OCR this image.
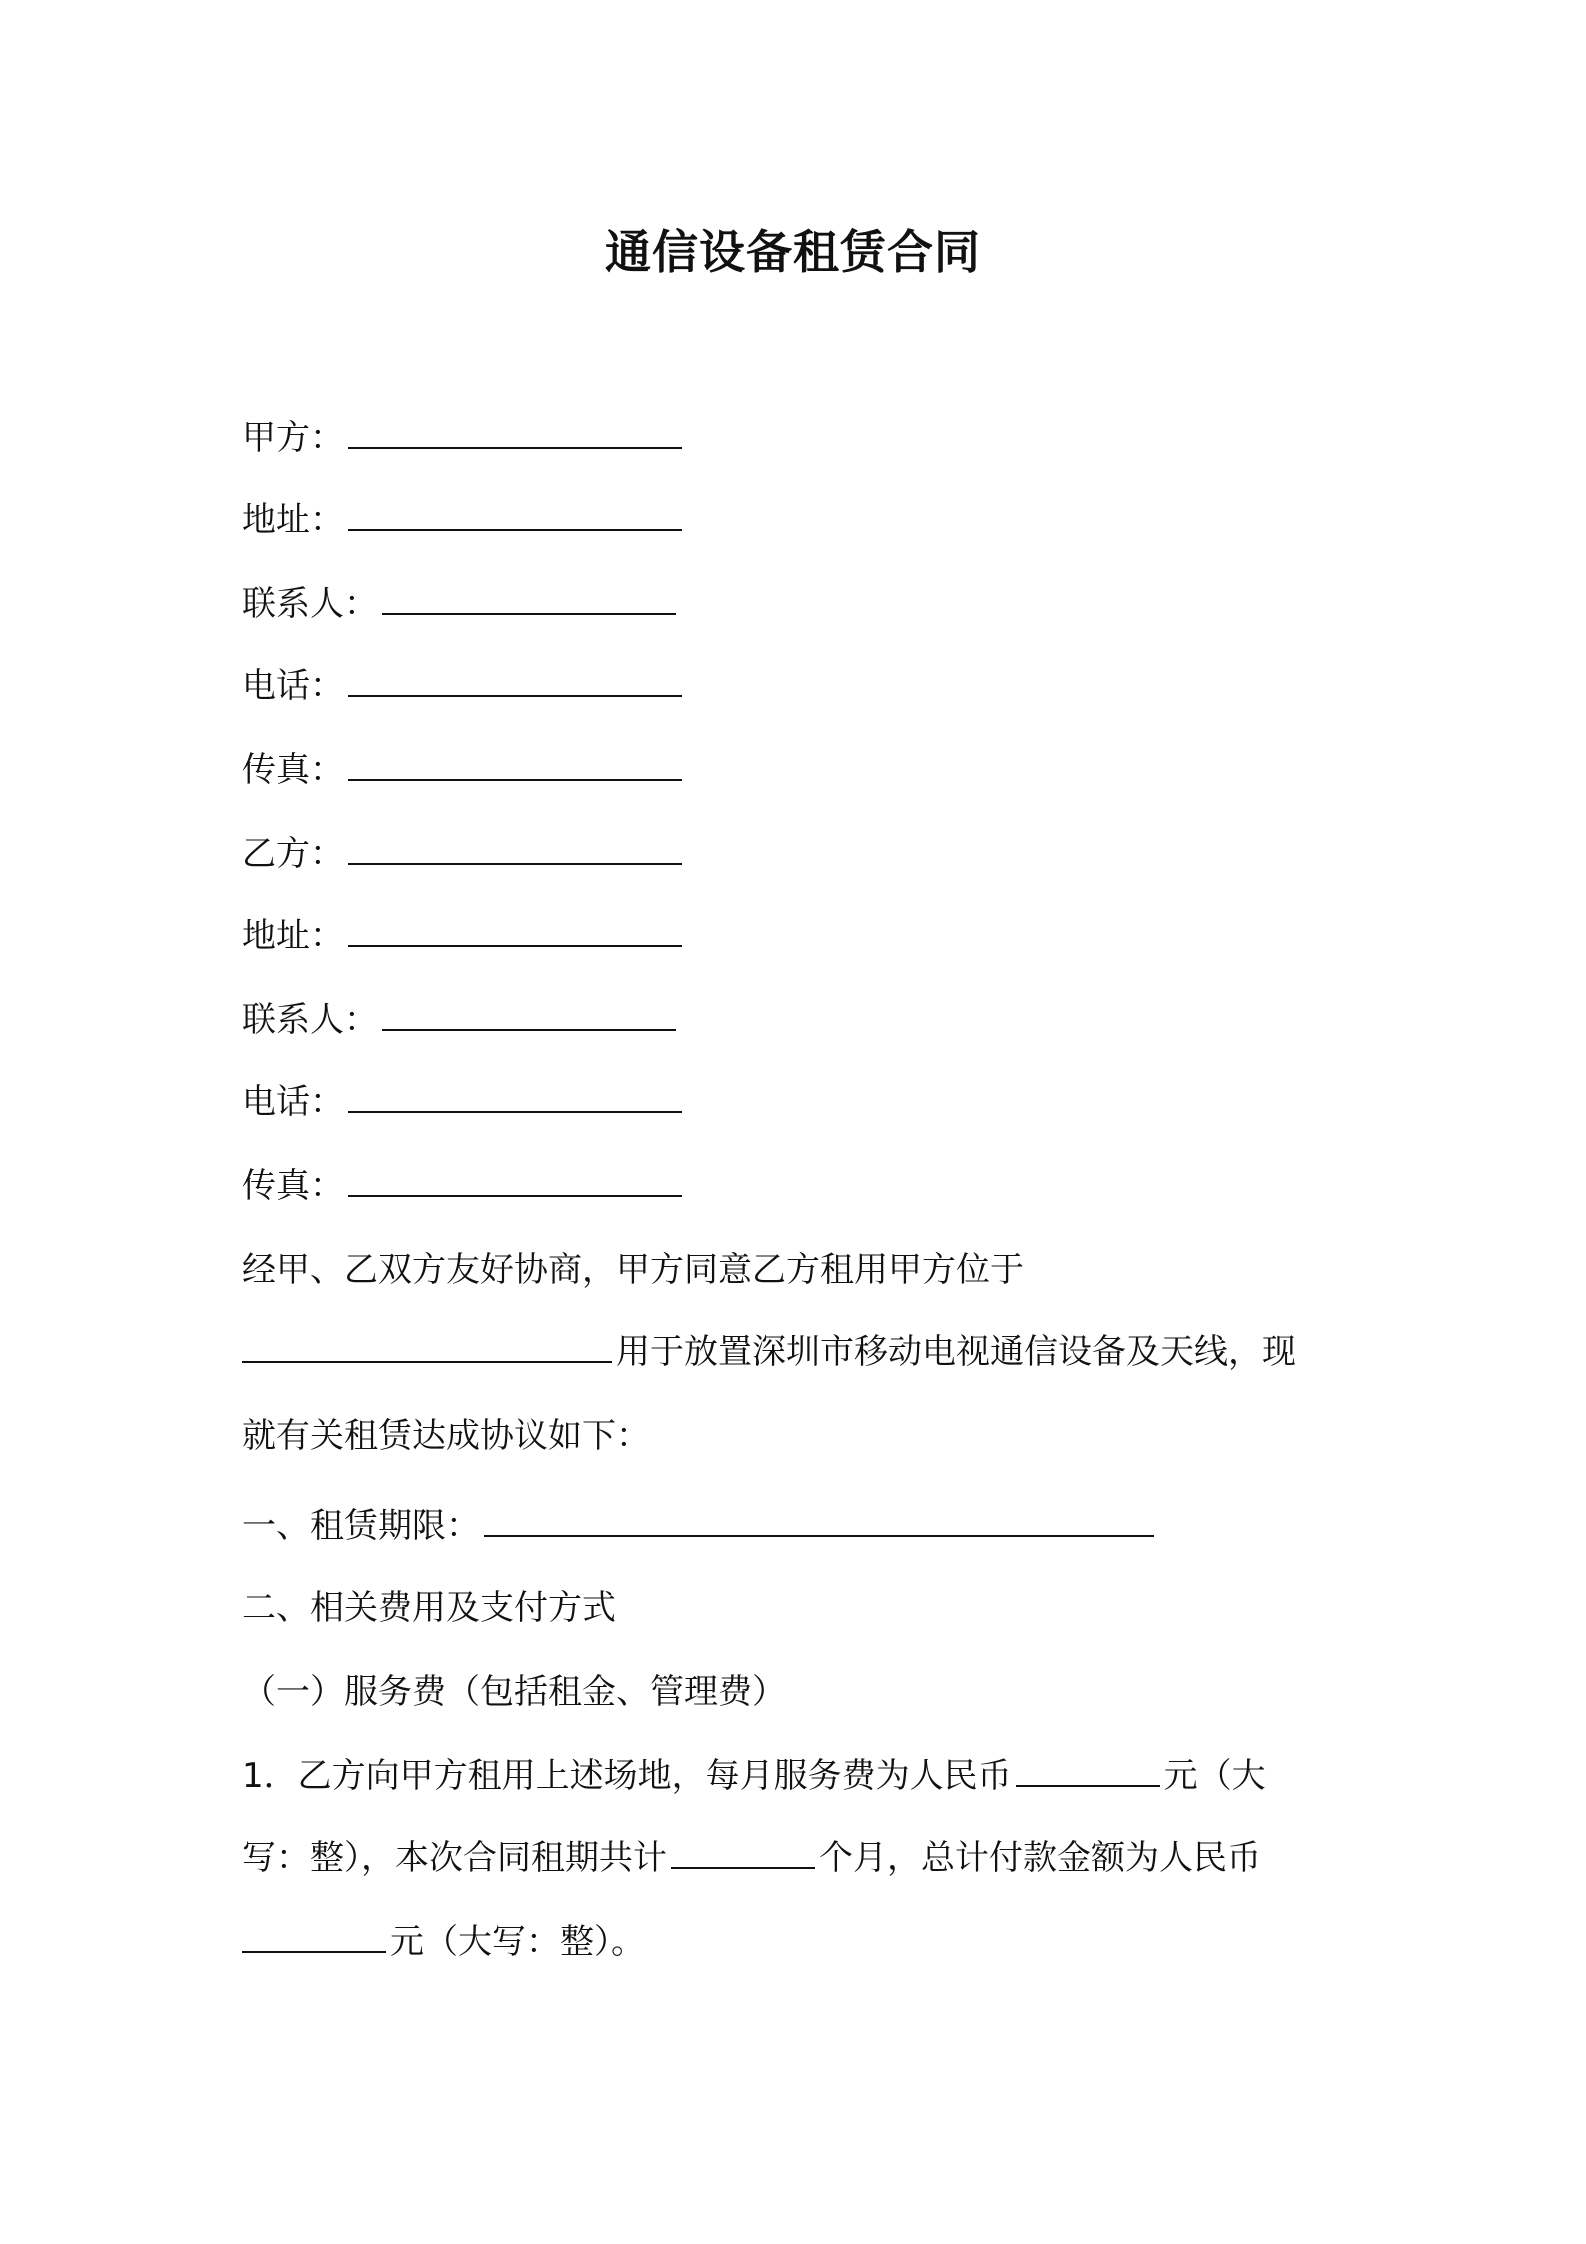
通信设备租赁合同
甲方：
地址：
联系人：
电话：
传真：
乙方：
地址：
联系人：
电话：
传真：
经甲、乙双方友好协商，甲方同意乙方租用甲方位于
用于放置深圳市移动电视通信设备及天线，现
就有关租赁达成协议如下：
一、租赁期限：
二、相关费用及支付方式
（一）服务费（包括租金、管理费）
1．乙方向甲方租用上述场地，每月服务费为人民币	元（大
写：整），本次合同租期共计	个月，总计付款金额为人民币
元（大写：整）。
